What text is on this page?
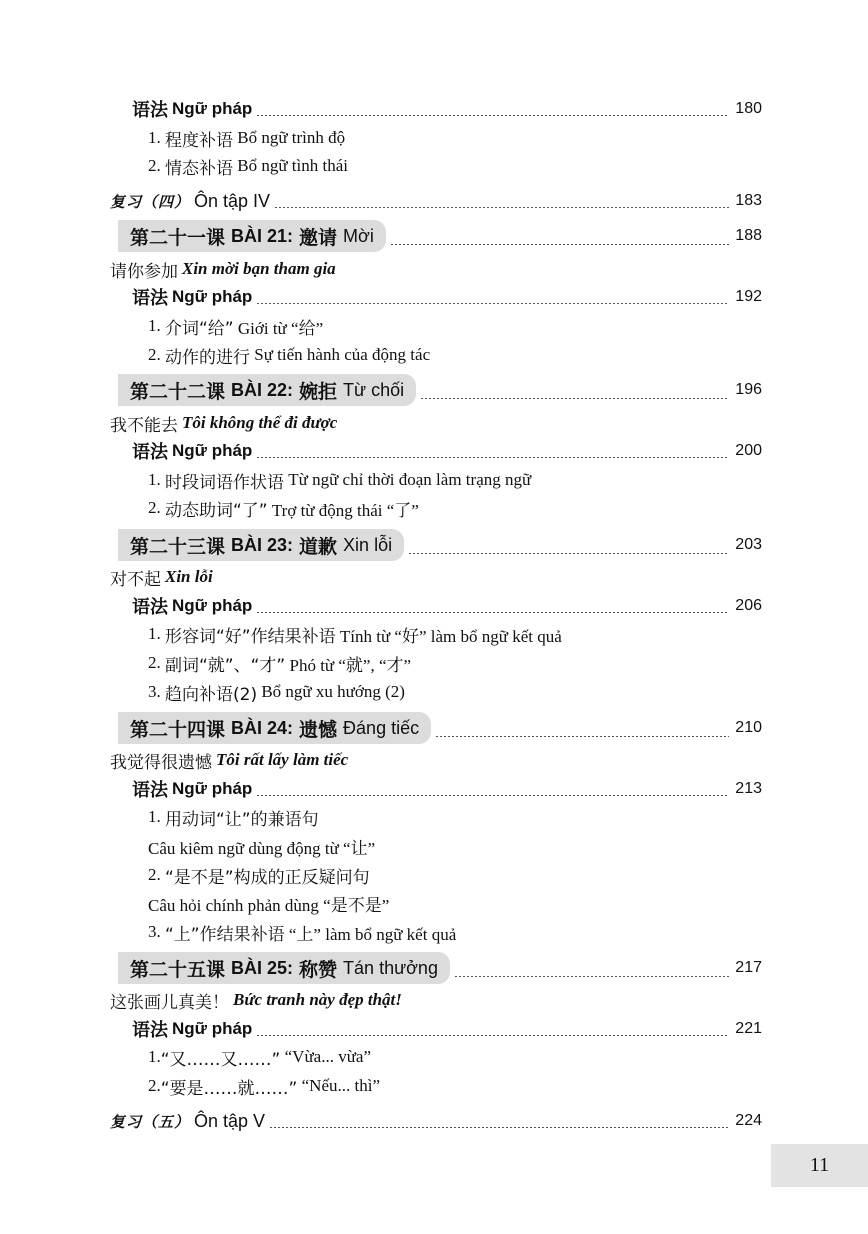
语法 Ngữ pháp	180
1.
程度补语
Bổ ngữ trình độ
2.
情态补语
Bổ ngữ tình thái
复习（四） Ôn tập IV	183
第二十一课 BÀI 21: 邀请 Mời	188
请你参加 Xin mời bạn tham gia
语法 Ngữ pháp	192
1.
介词“给”
Giới từ “给”
2.
动作的进行
Sự tiến hành của động tác
第二十二课 BÀI 22: 婉拒 Từ chối	196
我不能去 Tôi không thể đi được
语法 Ngữ pháp	200
1.
时段词语作状语
Từ ngữ chỉ thời đoạn làm trạng ngữ
2.
动态助词“了”
Trợ từ động thái “了”
第二十三课 BÀI 23: 道歉 Xin lỗi	203
对不起 Xin lỗi
语法 Ngữ pháp	206
1.
形容词“好”作结果补语
Tính từ “好” làm bổ ngữ kết quả
2.
副词“就”、“才”
Phó từ “就”, “才”
3.
趋向补语(2)
Bổ ngữ xu hướng (2)
第二十四课 BÀI 24: 遗憾 Đáng tiếc	210
我觉得很遗憾 Tôi rất lấy làm tiếc
语法 Ngữ pháp	213
1.
用动词“让”的兼语句
Câu kiêm ngữ dùng động từ “让”
2.
“是不是”构成的正反疑问句
Câu hỏi chính phản dùng “是不是”
3.
“上”作结果补语
“上” làm bổ ngữ kết quả
第二十五课 BÀI 25: 称赞 Tán thưởng	217
这张画儿真美！ Bức tranh này đẹp thật!
语法 Ngữ pháp	221
1. “又……又……”
“Vừa... vừa”
2. “要是……就……”
“Nếu... thì”
复习（五） Ôn tập V	224
11
